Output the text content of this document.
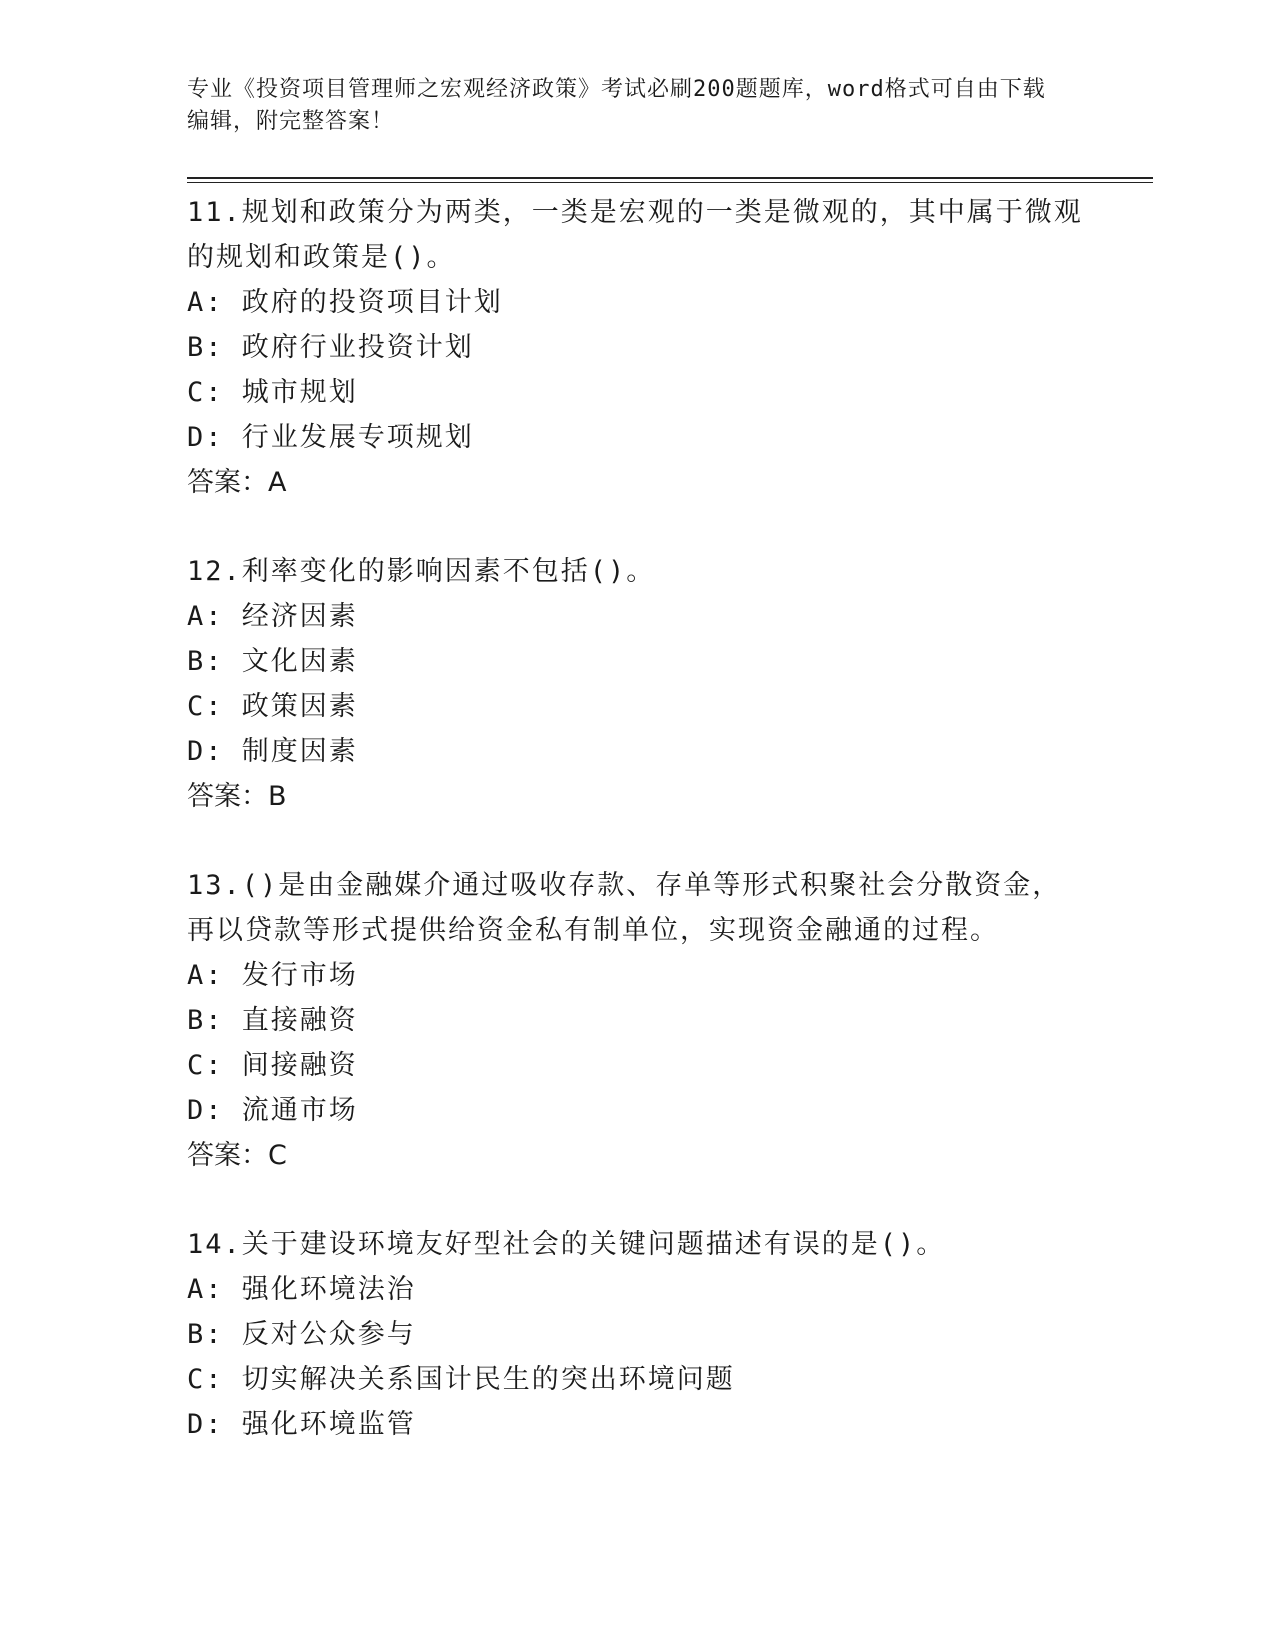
专业《投资项目管理师之宏观经济政策》考试必刷200题题库，word格式可自由下载编辑，附完整答案！

11.规划和政策分为两类，一类是宏观的一类是微观的，其中属于微观的规划和政策是()。

A: 政府的投资项目计划

B: 政府行业投资计划

C: 城市规划

D: 行业发展专项规划

答案：A

12.利率变化的影响因素不包括()。

A: 经济因素

B: 文化因素

C: 政策因素

D: 制度因素

答案：B

13.()是由金融媒介通过吸收存款、存单等形式积聚社会分散资金，再以贷款等形式提供给资金私有制单位，实现资金融通的过程。

A: 发行市场

B: 直接融资

C: 间接融资

D: 流通市场

答案：C

14.关于建设环境友好型社会的关键问题描述有误的是()。

A: 强化环境法治

B: 反对公众参与

C: 切实解决关系国计民生的突出环境问题

D: 强化环境监管
